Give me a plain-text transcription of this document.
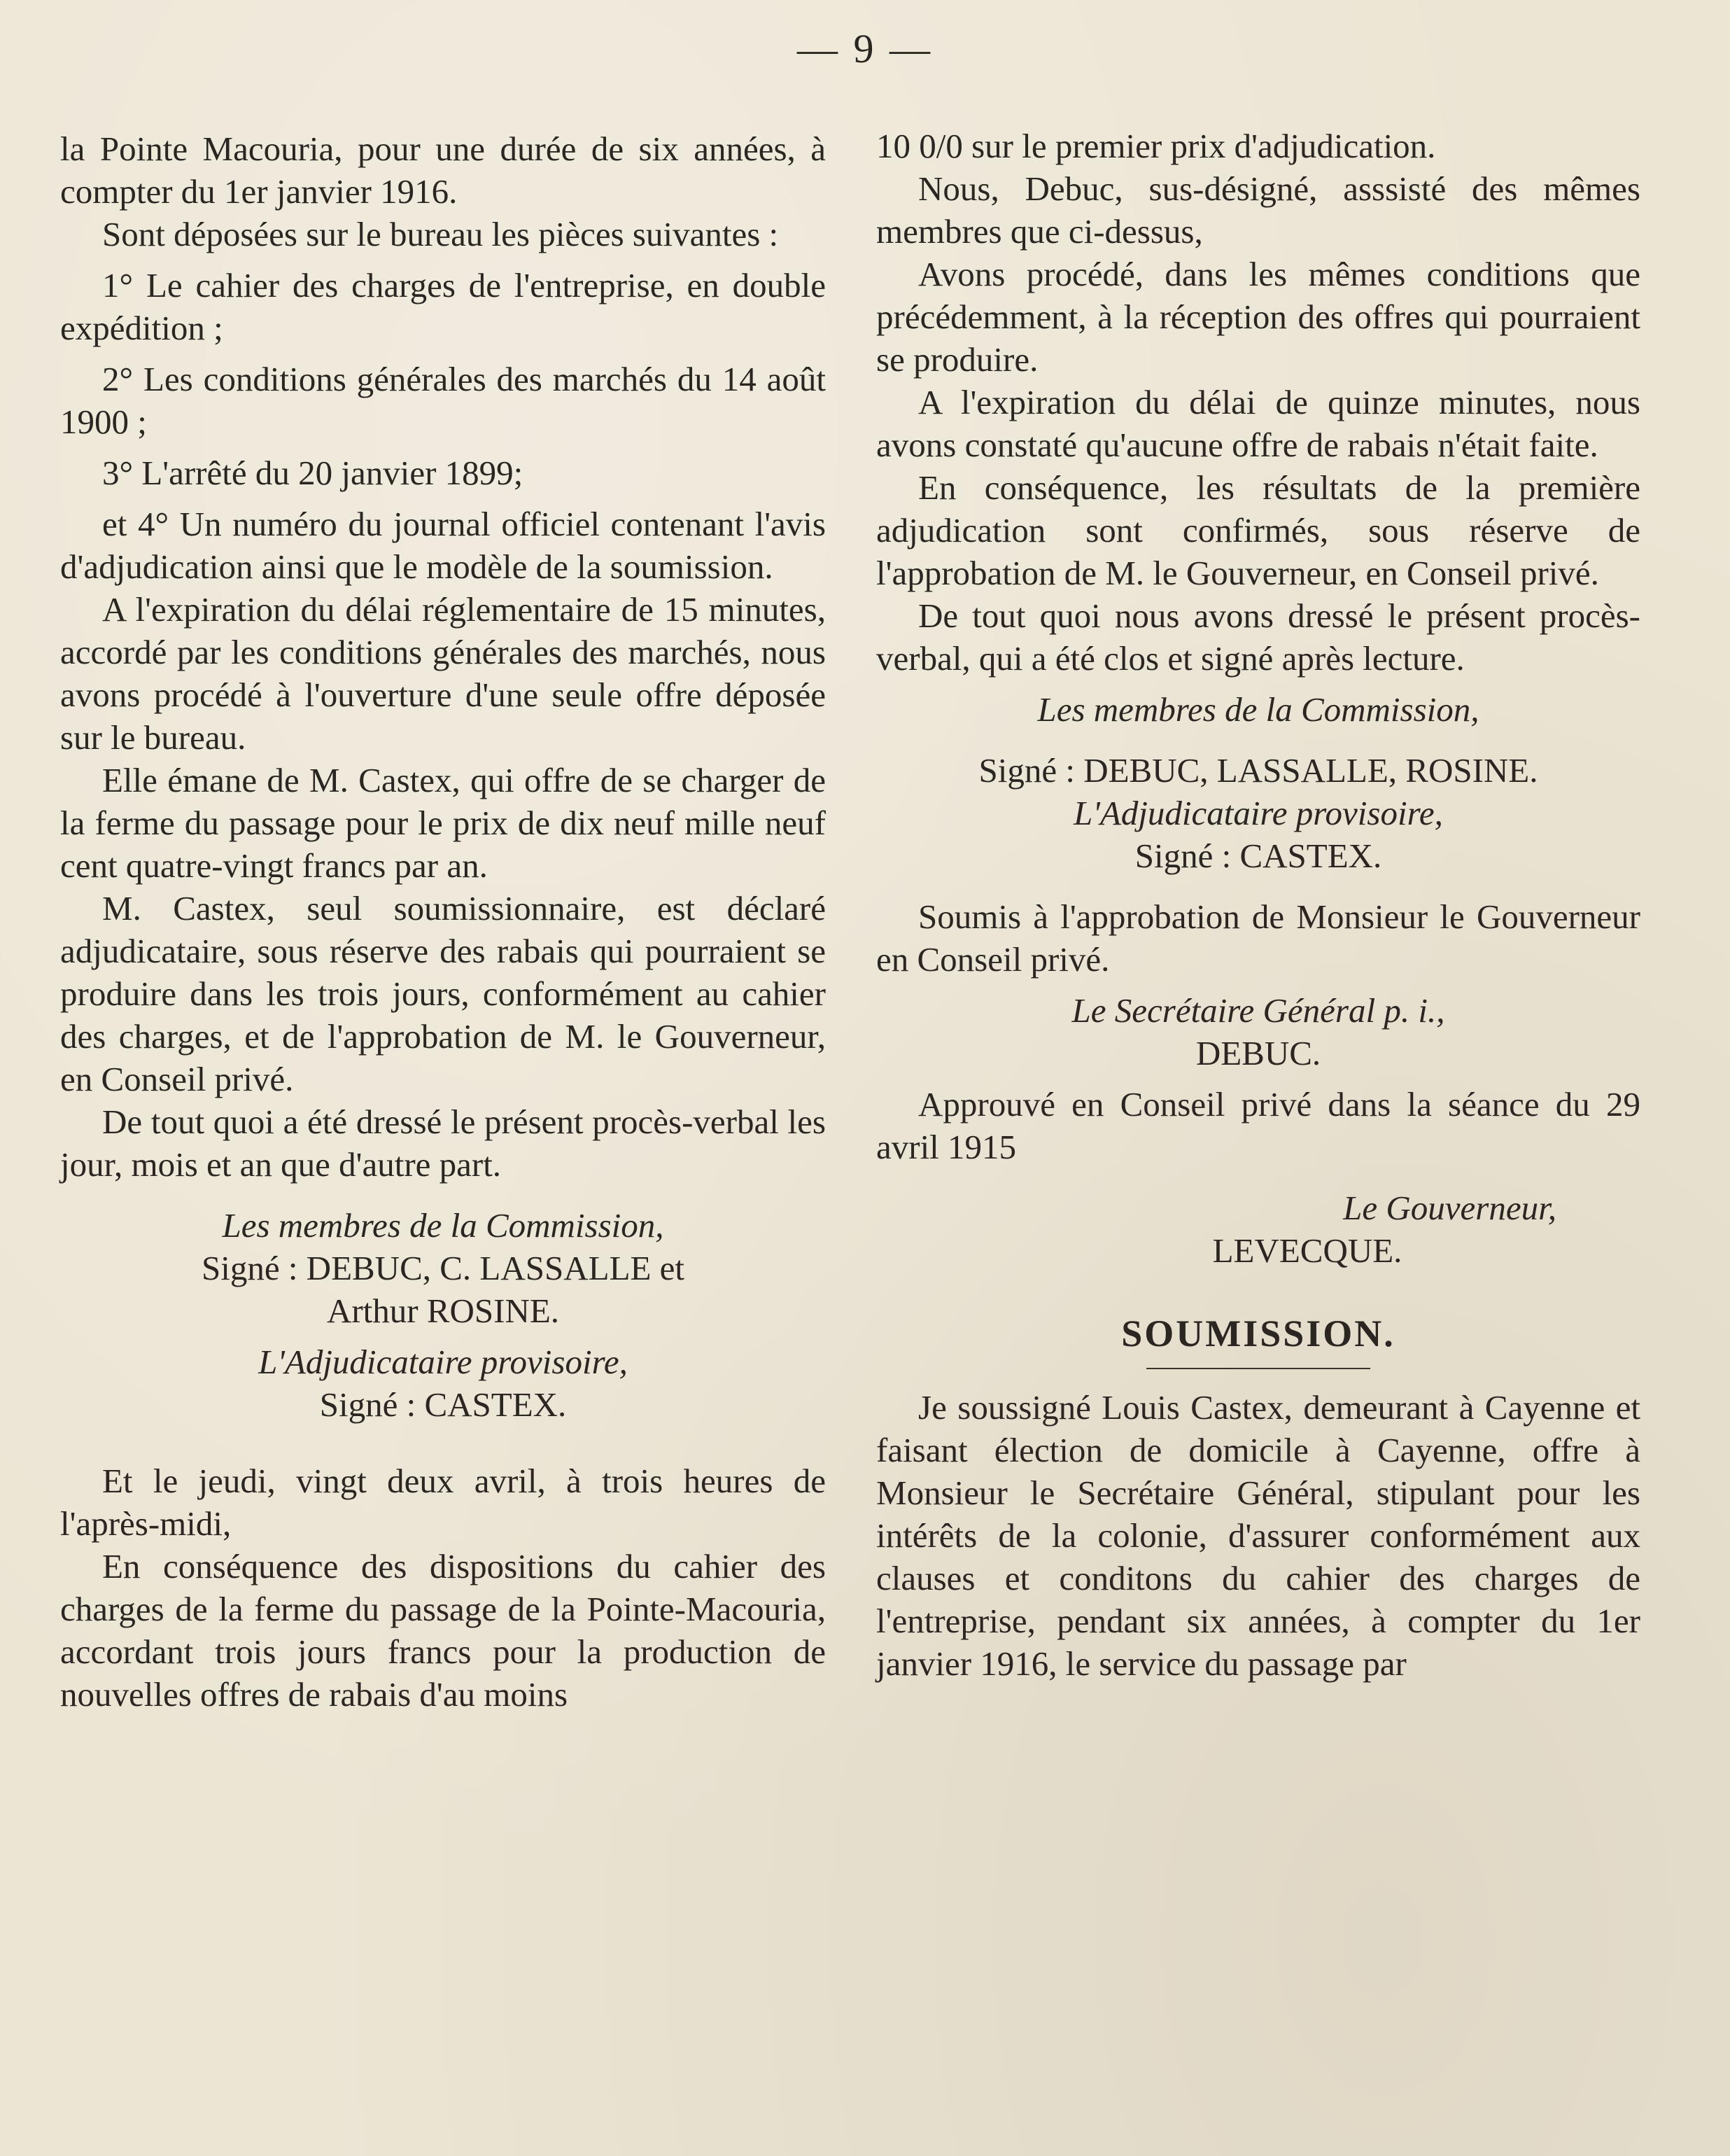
— 9 —

la Pointe Macouria, pour une durée de six années, à compter du 1er janvier 1916.

Sont déposées sur le bureau les pièces suivantes :

1° Le cahier des charges de l'entreprise, en double expédition ;

2° Les conditions générales des marchés du 14 août 1900 ;

3° L'arrêté du 20 janvier 1899;

et 4° Un numéro du journal officiel contenant l'avis d'adjudication ainsi que le modèle de la soumission.

A l'expiration du délai réglementaire de 15 minutes, accordé par les conditions générales des marchés, nous avons procédé à l'ouverture d'une seule offre déposée sur le bureau.

Elle émane de M. Castex, qui offre de se charger de la ferme du passage pour le prix de dix neuf mille neuf cent quatre-vingt francs par an.

M. Castex, seul soumissionnaire, est déclaré adjudicataire, sous réserve des rabais qui pourraient se produire dans les trois jours, conformément au cahier des charges, et de l'approbation de M. le Gouverneur, en Conseil privé.

De tout quoi a été dressé le présent procès-verbal les jour, mois et an que d'autre part.

Les membres de la Commission,

Signé : DEBUC, C. LASSALLE et

Arthur ROSINE.

L'Adjudicataire provisoire,

Signé : CASTEX.

Et le jeudi, vingt deux avril, à trois heures de l'après-midi,

En conséquence des dispositions du cahier des charges de la ferme du passage de la Pointe-Macouria, accordant trois jours francs pour la production de nouvelles offres de rabais d'au moins

10 0/0 sur le premier prix d'adjudication.

Nous, Debuc, sus-désigné, asssisté des mêmes membres que ci-dessus,

Avons procédé, dans les mêmes conditions que précédemment, à la réception des offres qui pourraient se produire.

A l'expiration du délai de quinze minutes, nous avons constaté qu'aucune offre de rabais n'était faite.

En conséquence, les résultats de la première adjudication sont confirmés, sous réserve de l'approbation de M. le Gouverneur, en Conseil privé.

De tout quoi nous avons dressé le présent procès-verbal, qui a été clos et signé après lecture.

Les membres de la Commission,

Signé : DEBUC, LASSALLE, ROSINE.

L'Adjudicataire provisoire,

Signé : CASTEX.

Soumis à l'approbation de Monsieur le Gouverneur en Conseil privé.

Le Secrétaire Général p. i.,

DEBUC.

Approuvé en Conseil privé dans la séance du 29 avril 1915

Le Gouverneur,

LEVECQUE.

SOUMISSION.

Je soussigné Louis Castex, demeurant à Cayenne et faisant élection de domicile à Cayenne, offre à Monsieur le Secrétaire Général, stipulant pour les intérêts de la colonie, d'assurer conformément aux clauses et conditons du cahier des charges de l'entreprise, pendant six années, à compter du 1er janvier 1916, le service du passage par
